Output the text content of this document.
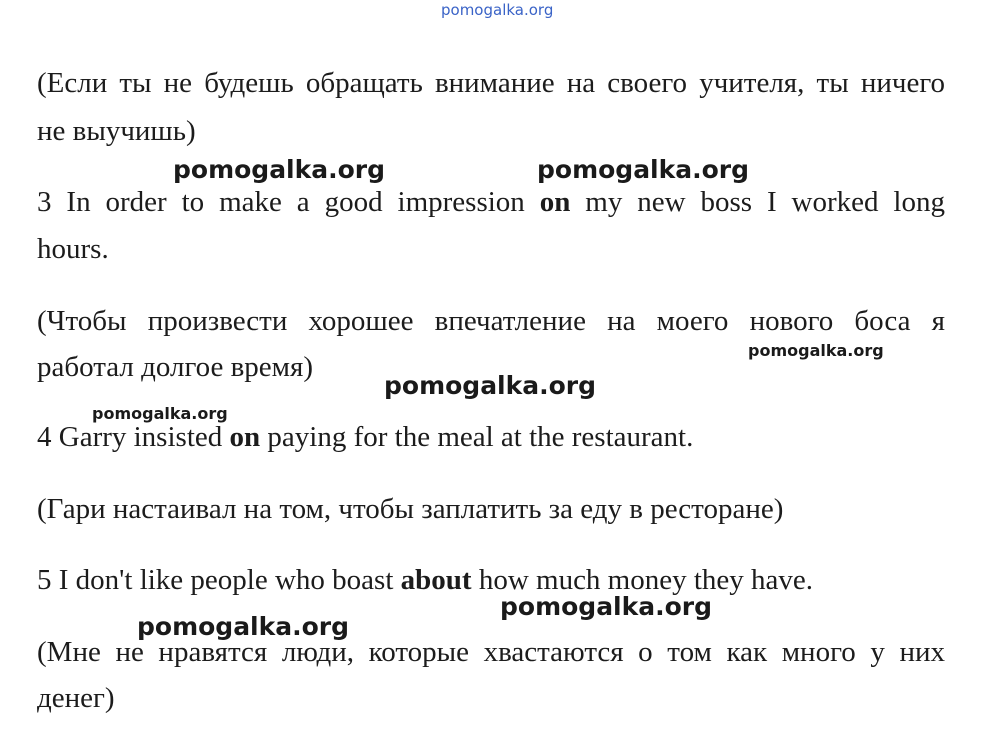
pomogalka.org
(Если ты не будешь обращать внимание на своего учителя, ты ничего
не выучишь)
3 In order to make a good impression on my new boss I worked long
hours.
(Чтобы произвести хорошее впечатление на моего нового боса я
работал долгое время)
4 Garry insisted on paying for the meal at the restaurant.
(Гари настаивал на том, чтобы заплатить за еду в ресторане)
5 I don't like people who boast about how much money they have.
(Мне не нравятся люди, которые хвастаются о том как много у них
денег)
pomogalka.org	pomogalka.org
pomogalka.org
pomogalka.org
pomogalka.org
pomogalka.org
pomogalka.org
